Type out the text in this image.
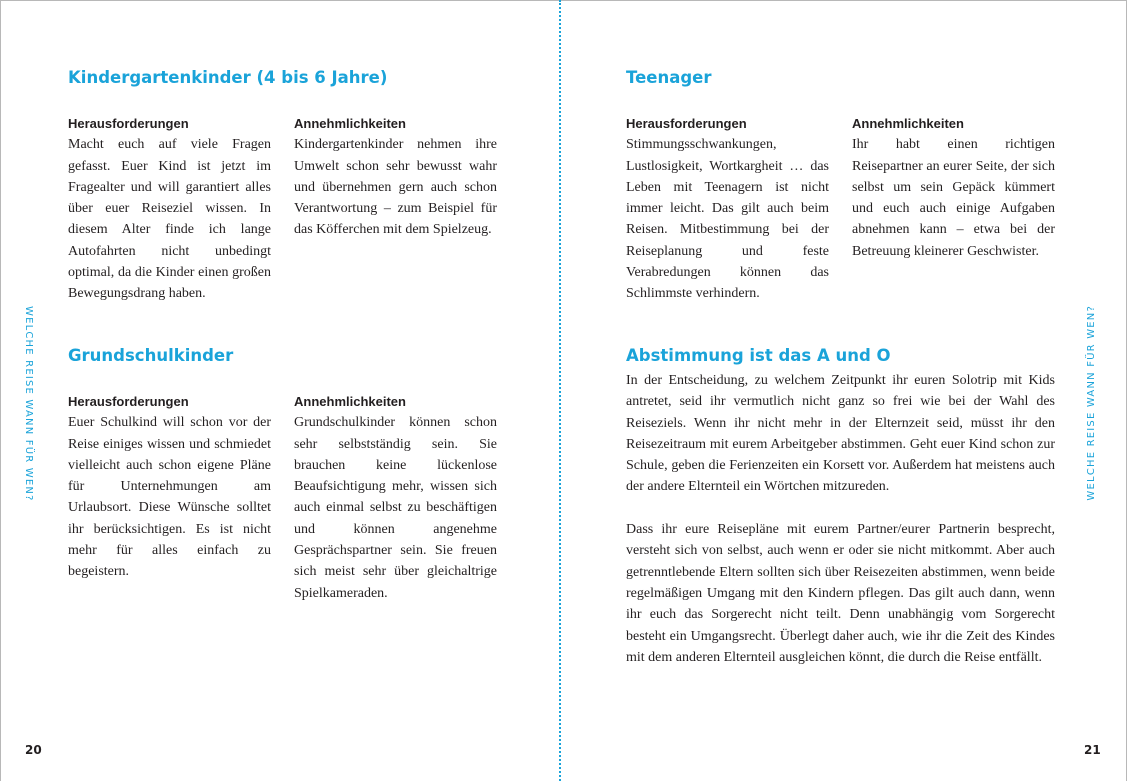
WELCHE REISE WANN FÜR WEN?
Kindergartenkinder (4 bis 6 Jahre)
Herausforderungen
Macht euch auf viele Fragen gefasst. Euer Kind ist jetzt im Fragealter und will garantiert alles über euer Reiseziel wissen. In diesem Alter finde ich lange Autofahrten nicht unbedingt optimal, da die Kinder einen großen Bewegungsdrang haben.
Annehmlichkeiten
Kindergartenkinder nehmen ihre Umwelt schon sehr bewusst wahr und übernehmen gern auch schon Verantwortung – zum Beispiel für das Köfferchen mit dem Spielzeug.
Grundschulkinder
Herausforderungen
Euer Schulkind will schon vor der Reise einiges wissen und schmiedet vielleicht auch schon eigene Pläne für Unternehmungen am Urlaubsort. Diese Wünsche solltet ihr berücksichtigen. Es ist nicht mehr für alles einfach zu begeistern.
Annehmlichkeiten
Grundschulkinder können schon sehr selbstständig sein. Sie brauchen keine lückenlose Beaufsichtigung mehr, wissen sich auch einmal selbst zu beschäftigen und können angenehme Gesprächspartner sein. Sie freuen sich meist sehr über gleichaltrige Spielkameraden.
20
Teenager
Herausforderungen
Stimmungsschwankungen, Lustlosigkeit, Wortkargheit … das Leben mit Teenagern ist nicht immer leicht. Das gilt auch beim Reisen. Mitbestimmung bei der Reiseplanung und feste Verabredungen können das Schlimmste verhindern.
Annehmlichkeiten
Ihr habt einen richtigen Reisepartner an eurer Seite, der sich selbst um sein Gepäck kümmert und euch auch einige Aufgaben abnehmen kann – etwa bei der Betreuung kleinerer Geschwister.
Abstimmung ist das A und O

In der Entscheidung, zu welchem Zeitpunkt ihr euren Solotrip mit Kids antretet, seid ihr vermutlich nicht ganz so frei wie bei der Wahl des Reiseziels. Wenn ihr nicht mehr in der Elternzeit seid, müsst ihr den Reisezeitraum mit eurem Arbeitgeber abstimmen. Geht euer Kind schon zur Schule, geben die Ferienzeiten ein Korsett vor. Außerdem hat meistens auch der andere Elternteil ein Wörtchen mitzureden.

Dass ihr eure Reisepläne mit eurem Partner/eurer Partnerin besprecht, versteht sich von selbst, auch wenn er oder sie nicht mitkommt. Aber auch getrenntlebende Eltern sollten sich über Reisezeiten abstimmen, wenn beide regelmäßigen Umgang mit den Kindern pflegen. Das gilt auch dann, wenn ihr euch das Sorgerecht nicht teilt. Denn unabhängig vom Sorgerecht besteht ein Umgangsrecht. Überlegt daher auch, wie ihr die Zeit des Kindes mit dem anderen Elternteil ausgleichen könnt, die durch die Reise entfällt.

WELCHE REISE WANN FÜR WEN?
21
